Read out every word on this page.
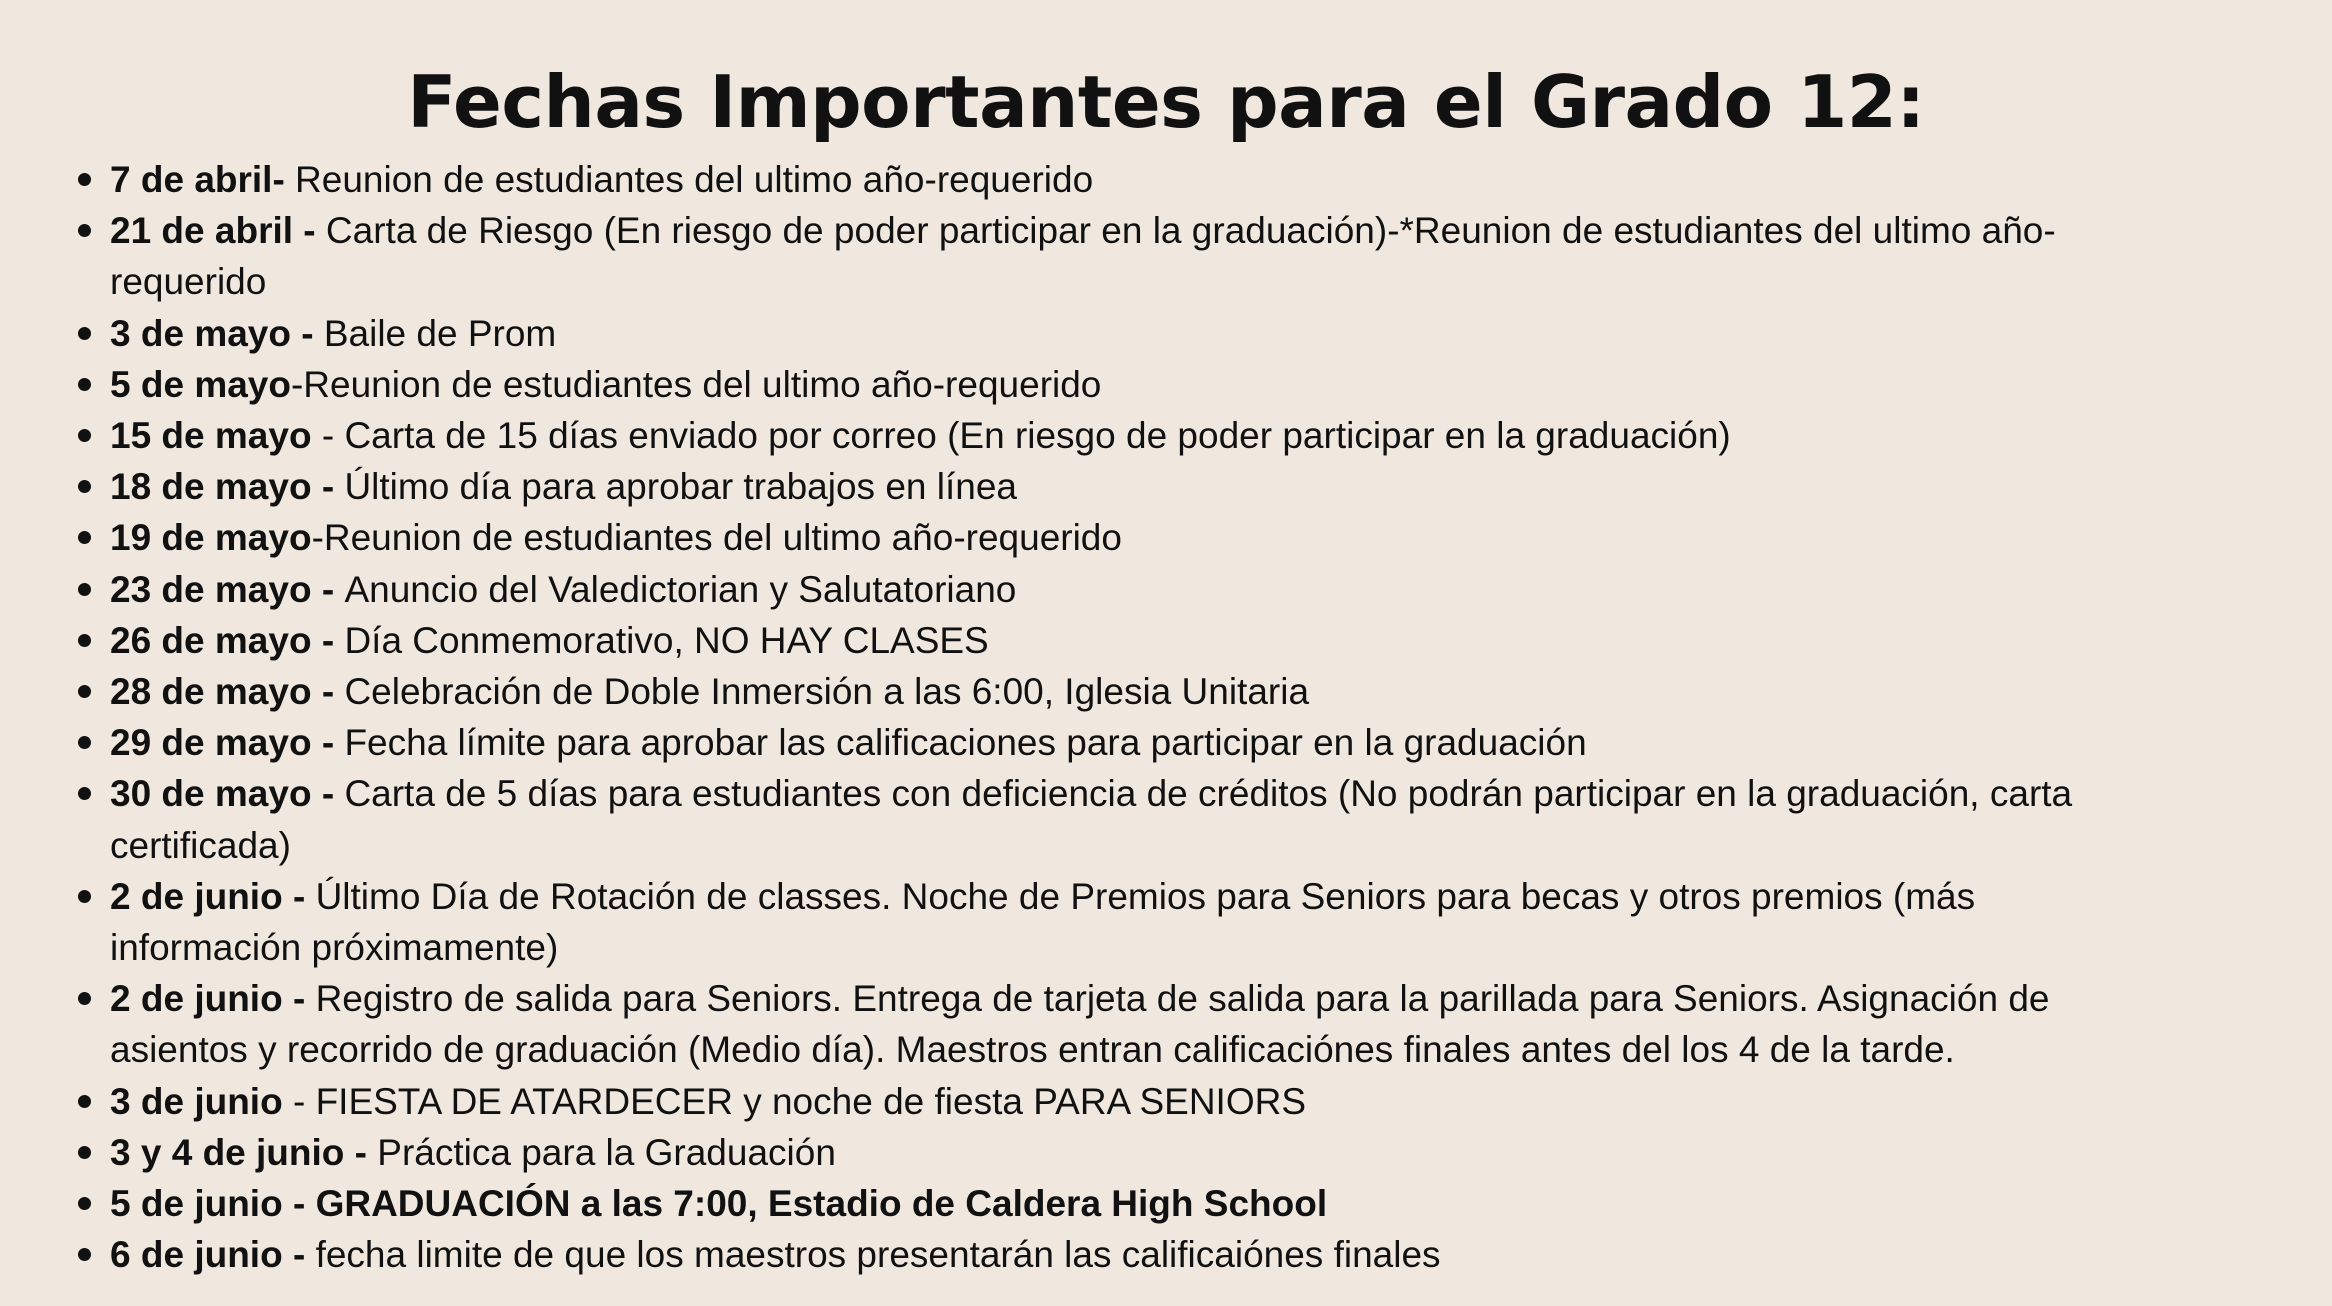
Fechas Importantes para el Grado 12:
7 de abril- Reunion de estudiantes del ultimo año-requerido
21 de abril - Carta de Riesgo (En riesgo de poder participar en la graduación)-*Reunion de estudiantes del ultimo año-requerido
3 de mayo - Baile de Prom
5 de mayo-Reunion de estudiantes del ultimo año-requerido
15 de mayo - Carta de 15 días enviado por correo (En riesgo de poder participar en la graduación)
18 de mayo - Último día para aprobar trabajos en línea
19 de mayo-Reunion de estudiantes del ultimo año-requerido
23 de mayo - Anuncio del Valedictorian y Salutatoriano
26 de mayo - Día Conmemorativo, NO HAY CLASES
28 de mayo - Celebración de Doble Inmersión a las 6:00, Iglesia Unitaria
29 de mayo - Fecha límite para aprobar las calificaciones para participar en la graduación
30 de mayo - Carta de 5 días para estudiantes con deficiencia de créditos (No podrán participar en la graduación, carta certificada)
2 de junio - Último Día de Rotación de classes. Noche de Premios para Seniors para becas y otros premios (más información próximamente)
2 de junio - Registro de salida para Seniors. Entrega de tarjeta de salida para la parillada para Seniors. Asignación de asientos y recorrido de graduación (Medio día). Maestros entran calificaciónes finales antes del los 4 de la tarde.
3 de junio - FIESTA DE ATARDECER y noche de fiesta PARA SENIORS
3 y 4 de junio - Práctica para la Graduación
5 de junio - GRADUACIÓN a las 7:00, Estadio de Caldera High School
6 de junio - fecha limite de que los maestros presentarán las calificaiónes finales
